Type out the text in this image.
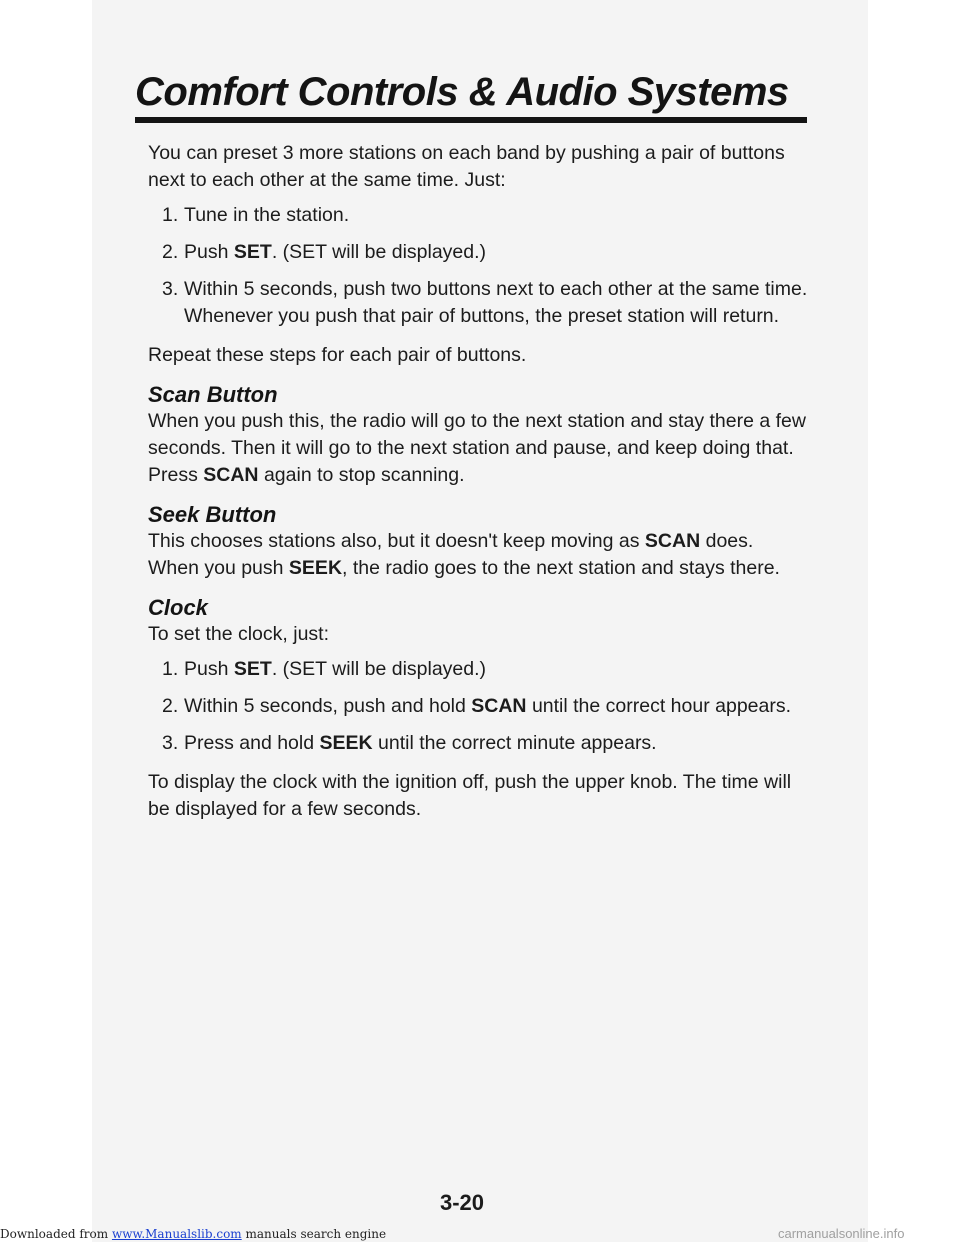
Comfort Controls & Audio Systems

You can preset 3 more stations on each band by pushing a pair of buttons next to each other at the same time. Just:

1. Tune in the station.
2. Push SET. (SET will be displayed.)
3. Within 5 seconds, push two buttons next to each other at the same time. Whenever you push that pair of buttons, the preset station will return.

Repeat these steps for each pair of buttons.

Scan Button

When you push this, the radio will go to the next station and stay there a few seconds. Then it will go to the next station and pause, and keep doing that. Press SCAN again to stop scanning.

Seek Button

This chooses stations also, but it doesn't keep moving as SCAN does. When you push SEEK, the radio goes to the next station and stays there.

Clock

To set the clock, just:

1. Push SET. (SET will be displayed.)
2. Within 5 seconds, push and hold SCAN until the correct hour appears.
3. Press and hold SEEK until the correct minute appears.

To display the clock with the ignition off, push the upper knob. The time will be displayed for a few seconds.

3-20
Downloaded from www.Manualslib.com manuals search engine	carmanualsonline.info
